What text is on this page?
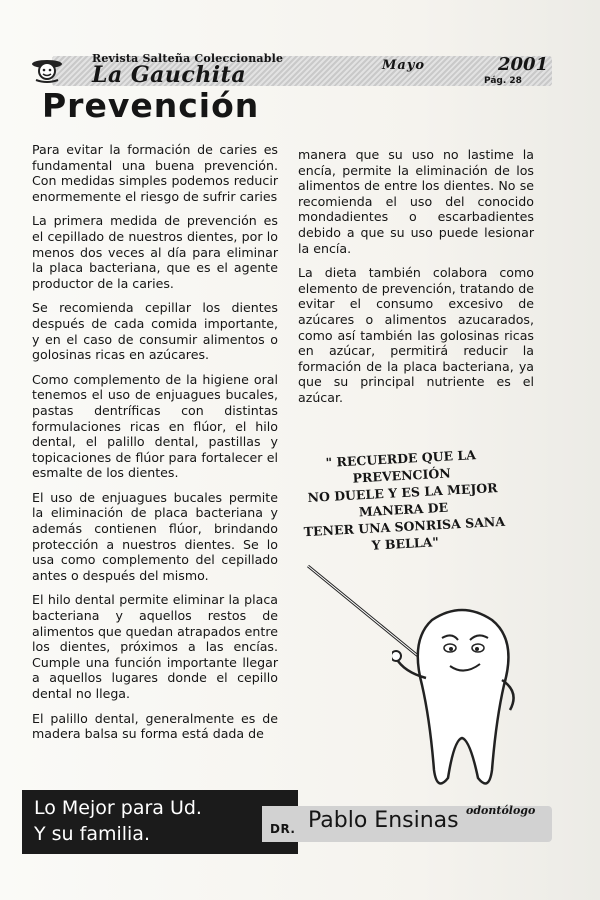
Revista Salteña Coleccionable
La Gauchita	Mayo	2001
Pág. 28
Prevención

Para evitar la formación de caries es fundamental una buena prevención. Con medidas simples podemos reducir enormemente el riesgo de sufrir caries

La primera medida de prevención es el cepillado de nuestros dientes, por lo menos dos veces al día para eliminar la placa bacteriana, que es el agente productor de la caries.

Se recomienda cepillar los dientes después de cada comida importante, y en el caso de consumir alimentos o golosinas ricas en azúcares.

Como complemento de la higiene oral tenemos el uso de enjuagues bucales, pastas dentríficas con distintas formulaciones ricas en flúor, el hilo dental, el palillo dental, pastillas y topicaciones de flúor para fortalecer el esmalte de los dientes.

El uso de enjuagues bucales permite la eliminación de placa bacteriana y además contienen flúor, brindando protección a nuestros dientes. Se lo usa como complemento del cepillado antes o después del mismo.

El hilo dental permite eliminar la placa bacteriana y aquellos restos de alimentos que quedan atrapados entre los dientes, próximos a las encías. Cumple una función importante llegar a aquellos lugares donde el cepillo dental no llega.

El palillo dental, generalmente es de madera balsa su forma está dada de

manera que su uso no lastime la encía, permite la eliminación de los alimentos de entre los dientes. No se recomienda el uso del conocido mondadientes o escarbadientes debido a que su uso puede lesionar la encía.

La dieta también colabora como elemento de prevención, tratando de evitar el consumo excesivo de azúcares o alimentos azucarados, como así también las golosinas ricas en azúcar, permitirá reducir la formación de la placa bacteriana, ya que su principal nutriente es el azúcar.

" RECUERDE QUE LA PREVENCIÓN
NO DUELE Y ES LA MEJOR MANERA DE
TENER UNA SONRISA SANA Y BELLA"
Lo Mejor para Ud.
Y su familia.	DR. Pablo Ensinas odontólogo
